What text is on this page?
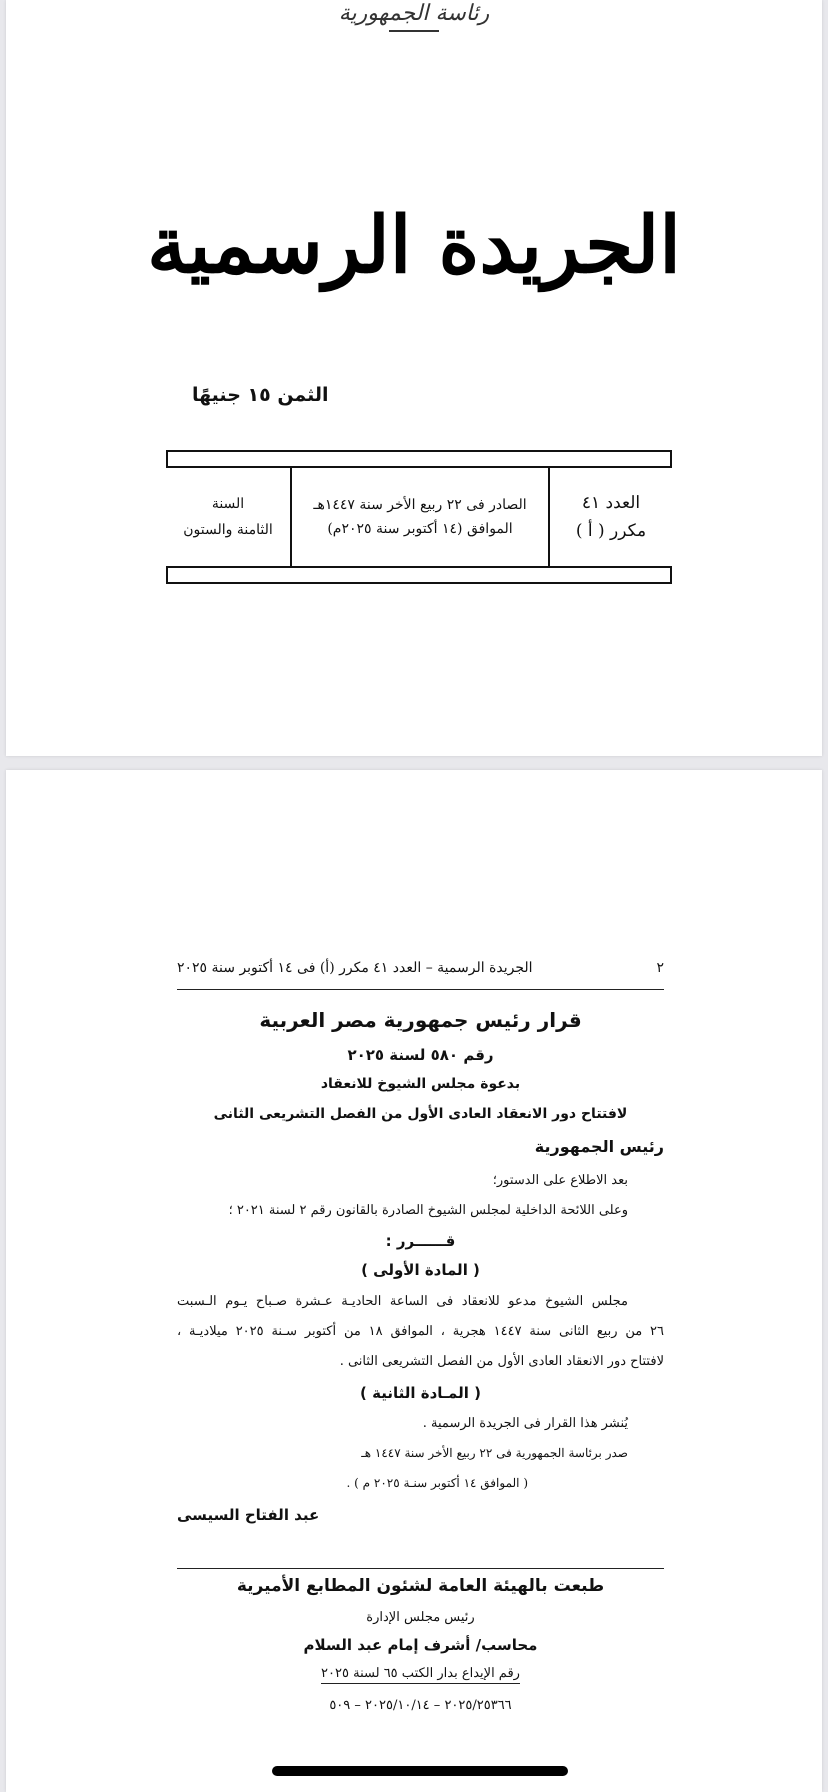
رئاسة الجمهورية
الجريدة الرسمية
الثمن ١٥ جنيهًا
العدد ٤١
مكرر ( أ )
الصادر فى ٢٢ ربيع الأخر سنة ١٤٤٧هـ
الموافق (١٤ أكتوبر سنة ٢٠٢٥م)
السنة
الثامنة والستون
٢
الجريدة الرسمية – العدد ٤١ مكرر (أ) فى ١٤ أكتوبر سنة ٢٠٢٥
قرار رئيس جمهورية مصر العربية
رقم ٥٨٠ لسنة ٢٠٢٥
بدعوة مجلس الشيوخ للانعقاد
لافتتاح دور الانعقاد العادى الأول من الفصل التشريعى الثانى
رئيس الجمهورية
بعد الاطلاع على الدستور؛
وعلى اللائحة الداخلية لمجلس الشيوخ الصادرة بالقانون رقم ٢ لسنة ٢٠٢١ ؛
قــــــرر :
( المادة الأولى )
مجلس الشيوخ مدعو للانعقاد فى الساعة الحاديـة عـشرة صـباح يـوم الـسبت
٢٦ من ربيع الثانى سنة ١٤٤٧ هجرية ، الموافق ١٨ من أكتوبر سـنة ٢٠٢٥ ميلاديـة ،
لافتتاح دور الانعقاد العادى الأول من الفصل التشريعى الثانى .
( المـادة الثانية )
يُنشر هذا القرار فى الجريدة الرسمية .
صدر برئاسة الجمهورية فى ٢٢ ربيع الأخر سنة ١٤٤٧ هـ
( الموافق ١٤ أكتوبر سنـة ٢٠٢٥ م ) .
عبد الفتاح السيسى
طبعت بالهيئة العامة لشئون المطابع الأميرية
رئيس مجلس الإدارة
محاسب/ أشرف إمام عبد السلام
رقم الإيداع بدار الكتب ٦٥ لسنة ٢٠٢٥
٢٠٢٥/٢٥٣٦٦ – ٢٠٢٥/١٠/١٤ – ٥٠٩
